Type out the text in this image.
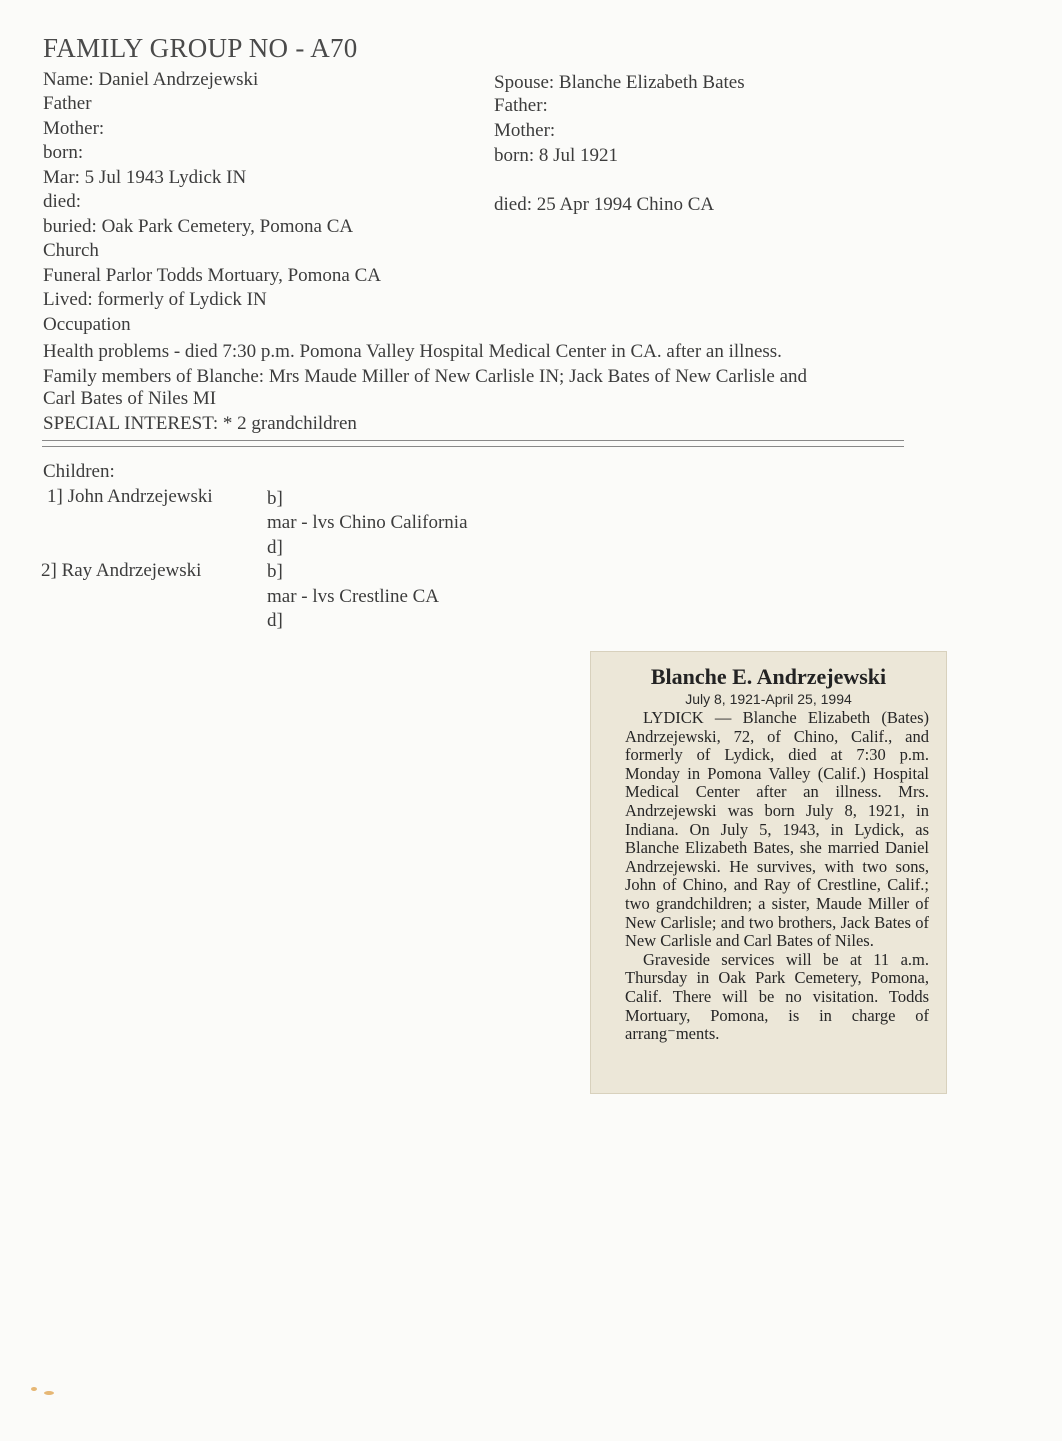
FAMILY GROUP NO - A70
Name: Daniel Andrzejewski
Father
Mother:
born:
Mar: 5 Jul 1943 Lydick IN
died:
buried: Oak Park Cemetery, Pomona CA
Church
Funeral Parlor Todds Mortuary, Pomona CA
Lived: formerly of Lydick IN
Occupation
Spouse: Blanche Elizabeth Bates
Father:
Mother:
born: 8 Jul 1921
died: 25 Apr 1994 Chino CA
Health problems - died 7:30 p.m. Pomona Valley Hospital Medical Center in CA. after an illness.
Family members of Blanche: Mrs Maude Miller of New Carlisle IN; Jack Bates of New Carlisle and
Carl Bates of Niles MI
SPECIAL INTEREST: * 2 grandchildren
Children:
1] John Andrzejewski	b]
mar - lvs Chino California
d]
2] Ray Andrzejewski	b]
mar - lvs Crestline CA
d]
Blanche E. Andrzejewski
July 8, 1921-April 25, 1994

LYDICK — Blanche Elizabeth (Bates) Andrzejewski, 72, of Chino, Calif., and formerly of Lydick, died at 7:30 p.m. Monday in Pomona Valley (Calif.) Hospital Medical Center after an illness. Mrs. Andrzejewski was born July 8, 1921, in Indiana. On July 5, 1943, in Lydick, as Blanche Elizabeth Bates, she married Daniel Andrzejewski. He survives, with two sons, John of Chino, and Ray of Crestline, Calif.; two grandchildren; a sister, Maude Miller of New Carlisle; and two brothers, Jack Bates of New Carlisle and Carl Bates of Niles.

Graveside services will be at 11 a.m. Thursday in Oak Park Cemetery, Pomona, Calif. There will be no visitation. Todds Mortuary, Pomona, is in charge of arrang⁻ments.
